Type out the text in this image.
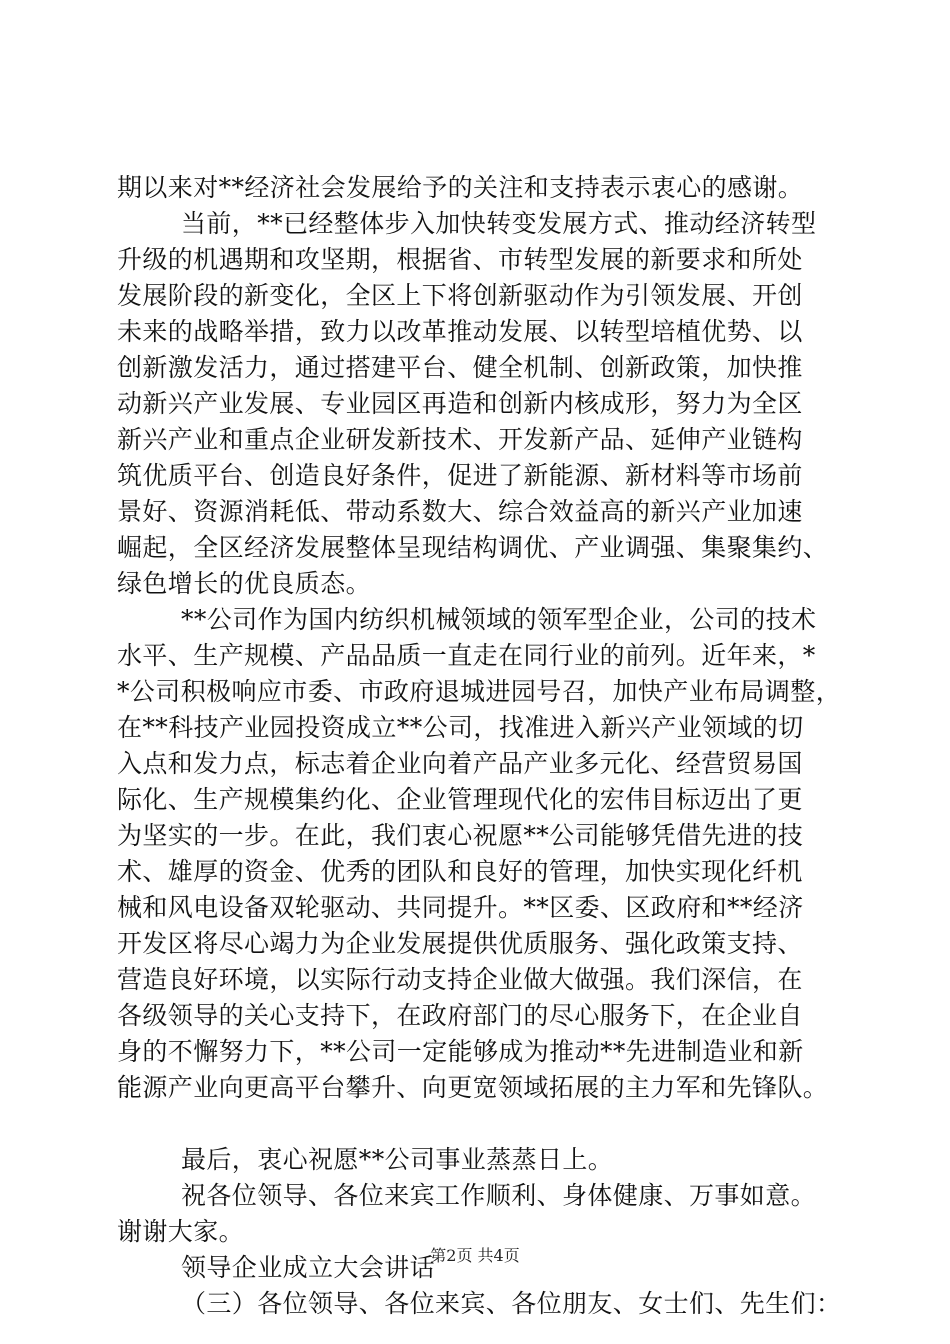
期以来对**经济社会发展给予的关注和支持表示衷心的感谢。
当前，**已经整体步入加快转变发展方式、推动经济转型
升级的机遇期和攻坚期，根据省、市转型发展的新要求和所处
发展阶段的新变化，全区上下将创新驱动作为引领发展、开创
未来的战略举措，致力以改革推动发展、以转型培植优势、以
创新激发活力，通过搭建平台、健全机制、创新政策，加快推
动新兴产业发展、专业园区再造和创新内核成形，努力为全区
新兴产业和重点企业研发新技术、开发新产品、延伸产业链构
筑优质平台、创造良好条件，促进了新能源、新材料等市场前
景好、资源消耗低、带动系数大、综合效益高的新兴产业加速
崛起，全区经济发展整体呈现结构调优、产业调强、集聚集约、
绿色增长的优良质态。
**公司作为国内纺织机械领域的领军型企业，公司的技术
水平、生产规模、产品品质一直走在同行业的前列。近年来，*
*公司积极响应市委、市政府退城进园号召，加快产业布局调整，
在**科技产业园投资成立**公司，找准进入新兴产业领域的切
入点和发力点，标志着企业向着产品产业多元化、经营贸易国
际化、生产规模集约化、企业管理现代化的宏伟目标迈出了更
为坚实的一步。在此，我们衷心祝愿**公司能够凭借先进的技
术、雄厚的资金、优秀的团队和良好的管理，加快实现化纤机
械和风电设备双轮驱动、共同提升。**区委、区政府和**经济
开发区将尽心竭力为企业发展提供优质服务、强化政策支持、
营造良好环境，以实际行动支持企业做大做强。我们深信，在
各级领导的关心支持下，在政府部门的尽心服务下，在企业自
身的不懈努力下，**公司一定能够成为推动**先进制造业和新
能源产业向更高平台攀升、向更宽领域拓展的主力军和先锋队。
最后，衷心祝愿**公司事业蒸蒸日上。
祝各位领导、各位来宾工作顺利、身体健康、万事如意。
谢谢大家。
领导企业成立大会讲话
（三）各位领导、各位来宾、各位朋友、女士们、先生们：
第2页 共4页
